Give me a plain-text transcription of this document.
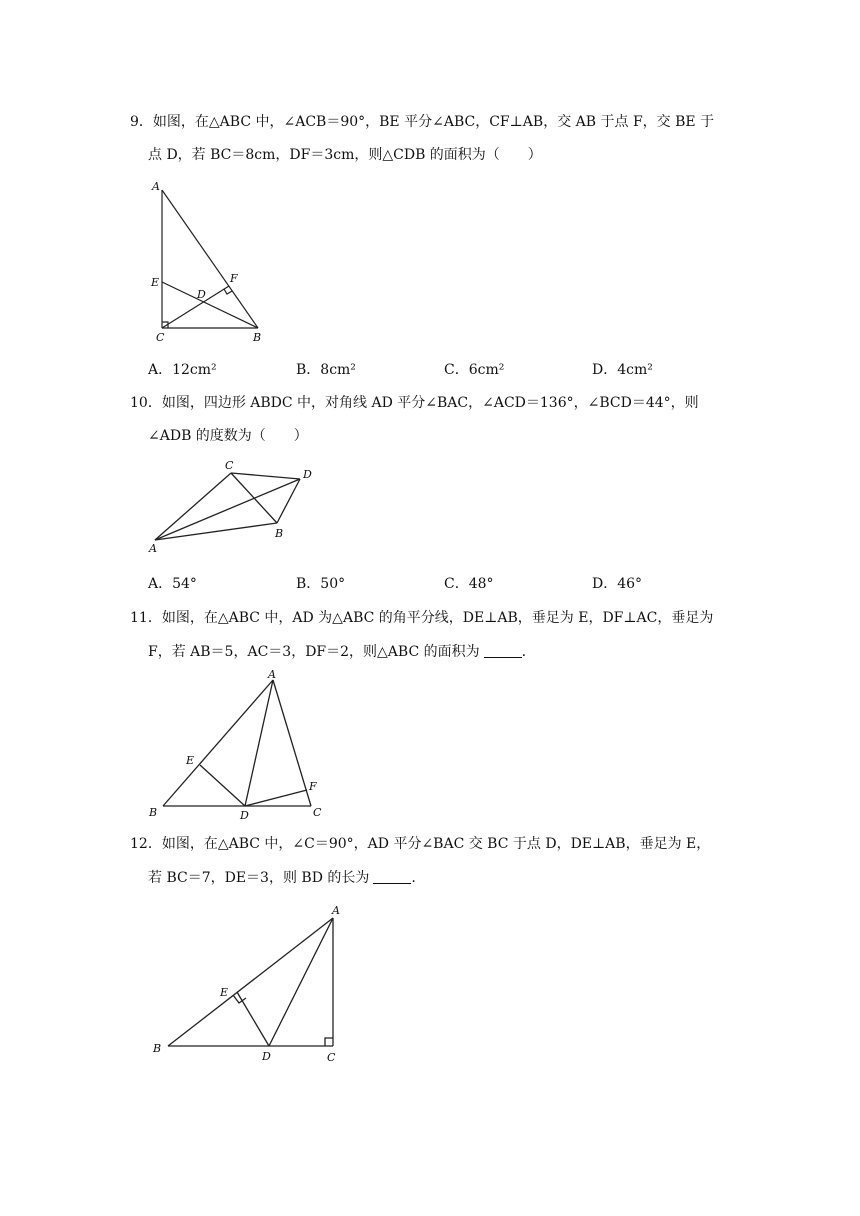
9．如图，在△ABC 中，∠ACB＝90°，BE 平分∠ABC，CF⊥AB，交 AB 于点 F，交 BE 于
点 D，若 BC＝8cm，DF＝3cm，则△CDB 的面积为（　　）
A
E	F
D
C	B
A．12cm²	B．8cm²	C．6cm²	D．4cm²
10．如图，四边形 ABDC 中，对角线 AD 平分∠BAC，∠ACD＝136°，∠BCD＝44°，则
∠ADB 的度数为（　　）
C
D
B
A
A．54°	B．50°	C．48°	D．46°
11．如图，在△ABC 中，AD 为△ABC 的角平分线，DE⊥AB，垂足为 E，DF⊥AC，垂足为
F，若 AB＝5，AC＝3，DF＝2，则△ABC 的面积为	.
A
E
F
B	D	C
12．如图，在△ABC 中，∠C＝90°，AD 平分∠BAC 交 BC 于点 D，DE⊥AB，垂足为 E，
若 BC＝7，DE＝3，则 BD 的长为	.
A
E
B
D	C
